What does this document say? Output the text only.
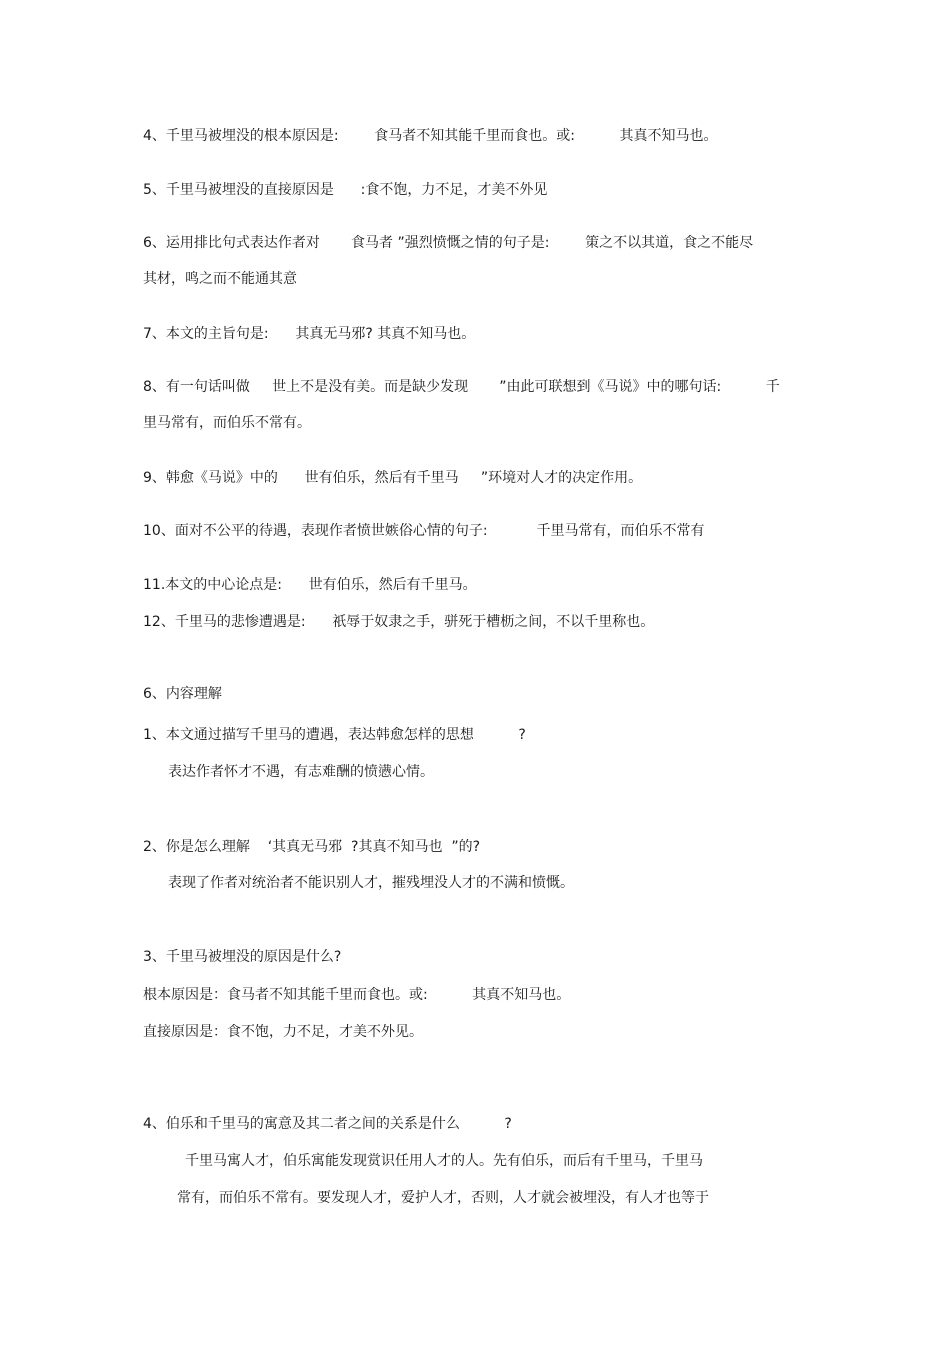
4、千里马被埋没的根本原因是:        食马者不知其能千里而食也。或:          其真不知马也。
5、千里马被埋没的直接原因是      :食不饱，力不足，才美不外见
6、运用排比句式表达作者对       食马者 ”强烈愤慨之情的句子是:        策之不以其道，食之不能尽
其材，鸣之而不能通其意
7、本文的主旨句是:      其真无马邪? 其真不知马也。
8、有一句话叫做     世上不是没有美。而是缺少发现       ”由此可联想到《马说》中的哪句话:          千
里马常有，而伯乐不常有。
9、韩愈《马说》中的      世有伯乐，然后有千里马     ”环境对人才的决定作用。
10、面对不公平的待遇，表现作者愤世嫉俗心情的句子:           千里马常有，而伯乐不常有
11.本文的中心论点是:      世有伯乐，然后有千里马。
12、千里马的悲惨遭遇是:      祇辱于奴隶之手，骈死于槽枥之间，不以千里称也。
6、内容理解
1、本文通过描写千里马的遭遇，表达韩愈怎样的思想          ?
表达作者怀才不遇，有志难酬的愤懑心情。
2、你是怎么理解    ‘其真无马邪  ?其真不知马也  ”的?
表现了作者对统治者不能识别人才，摧残埋没人才的不满和愤慨。
3、千里马被埋没的原因是什么?
根本原因是：食马者不知其能千里而食也。或:          其真不知马也。
直接原因是：食不饱，力不足，才美不外见。
4、伯乐和千里马的寓意及其二者之间的关系是什么          ?
千里马寓人才，伯乐寓能发现赏识任用人才的人。先有伯乐，而后有千里马，千里马
常有，而伯乐不常有。要发现人才，爱护人才，否则，人才就会被埋没，有人才也等于
